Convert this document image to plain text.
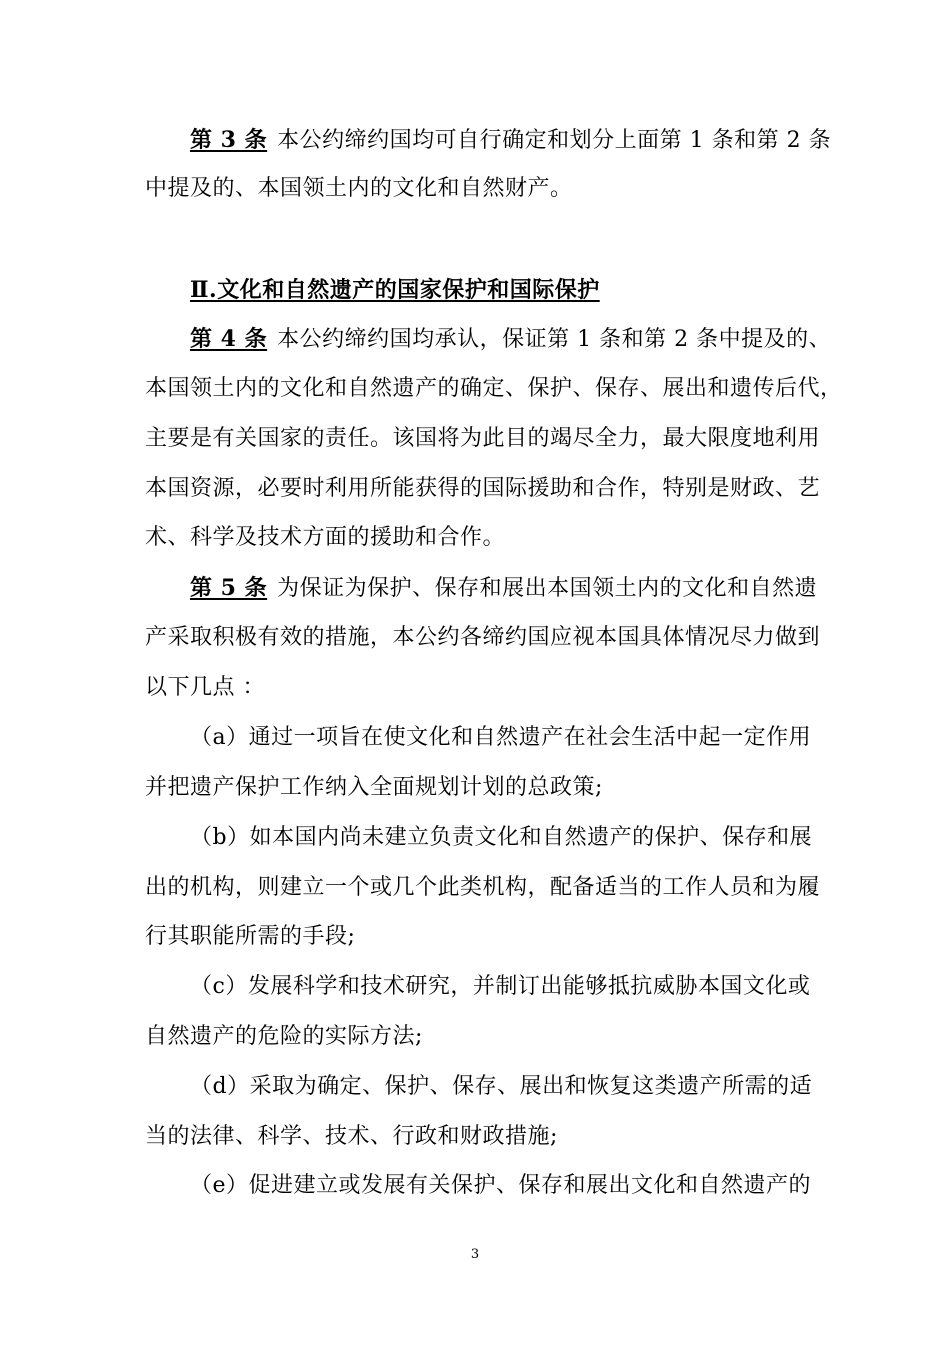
第 3 条 本公约缔约国均可自行确定和划分上面第 1 条和第 2 条
中提及的、本国领土内的文化和自然财产。
Ⅱ.文化和自然遗产的国家保护和国际保护
第 4 条 本公约缔约国均承认，保证第 1 条和第 2 条中提及的、
本国领土内的文化和自然遗产的确定、保护、保存、展出和遗传后代，
主要是有关国家的责任。该国将为此目的竭尽全力，最大限度地利用
本国资源，必要时利用所能获得的国际援助和合作，特别是财政、艺
术、科学及技术方面的援助和合作。
第 5 条 为保证为保护、保存和展出本国领土内的文化和自然遗
产采取积极有效的措施，本公约各缔约国应视本国具体情况尽力做到
以下几点 ：
（a）通过一项旨在使文化和自然遗产在社会生活中起一定作用
并把遗产保护工作纳入全面规划计划的总政策;
（b）如本国内尚未建立负责文化和自然遗产的保护、保存和展
出的机构，则建立一个或几个此类机构，配备适当的工作人员和为履
行其职能所需的手段;
（c）发展科学和技术研究，并制订出能够抵抗威胁本国文化或
自然遗产的危险的实际方法;
（d）采取为确定、保护、保存、展出和恢复这类遗产所需的适
当的法律、科学、技术、行政和财政措施;
（e）促进建立或发展有关保护、保存和展出文化和自然遗产的
3
